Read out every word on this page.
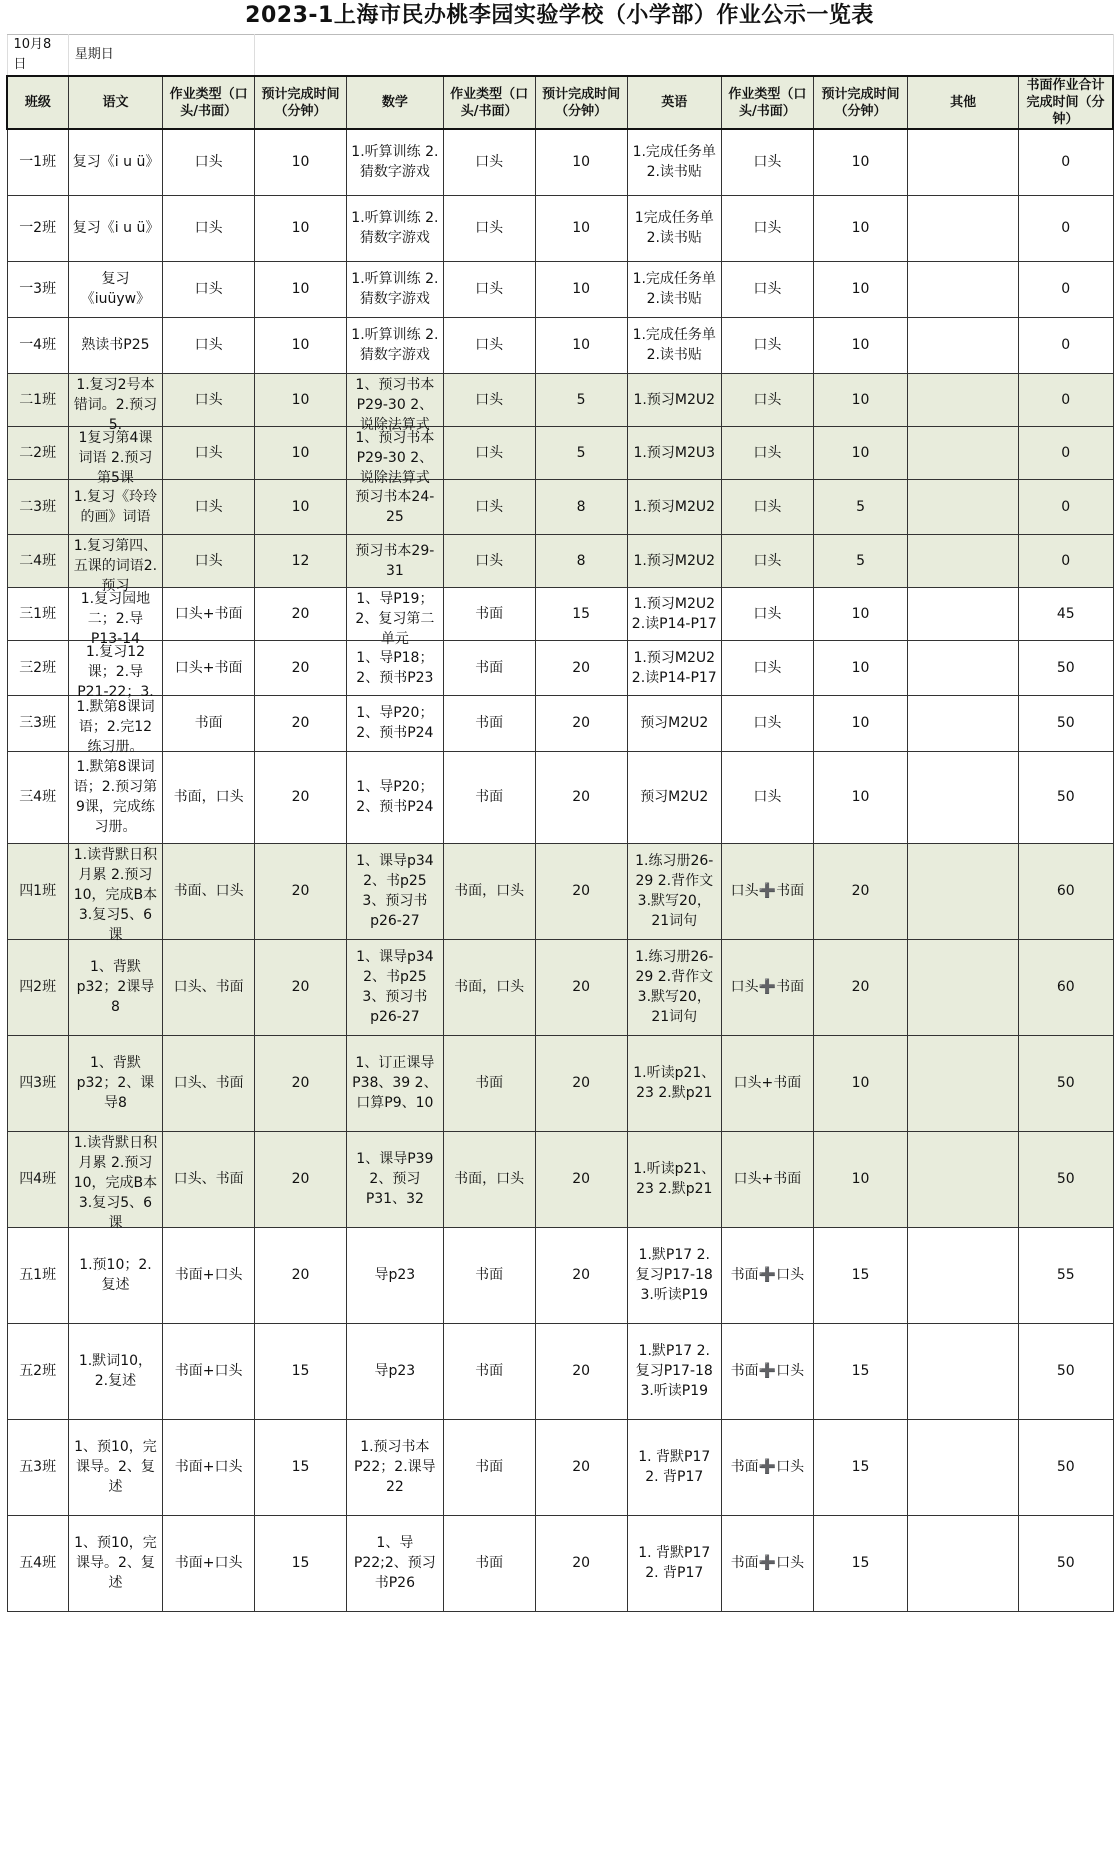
2023-1上海市民办桃李园实验学校（小学部）作业公示一览表
10月8日	星期日										
班级	语文	作业类型（口头/书面）	预计完成时间（分钟）	数学	作业类型（口头/书面）	预计完成时间（分钟）	英语	作业类型（口头/书面）	预计完成时间（分钟）	其他	书面作业合计完成时间（分钟）

一1班	复习《i u ü》	口头	10	1.听算训练 2.猜数字游戏	口头	10	1.完成任务单 2.读书贴	口头	10		0

一2班	复习《i u ü》	口头	10	1.听算训练 2.猜数字游戏	口头	10	1完成任务单 2.读书贴	口头	10		0

一3班	复习《iuüyw》	口头	10	1.听算训练 2.猜数字游戏	口头	10	1.完成任务单 2.读书贴	口头	10		0

一4班	熟读书P25	口头	10	1.听算训练 2.猜数字游戏	口头	10	1.完成任务单 2.读书贴	口头	10		0

二1班	1.复习2号本错词。2.预习5.	口头	10	1、预习书本P29-30 2、说除法算式	口头	5	1.预习M2U2	口头	10		0

二2班	1复习第4课词语 2.预习第5课	口头	10	1、预习书本P29-30 2、说除法算式	口头	5	1.预习M2U3	口头	10		0

二3班	1.复习《玲玲的画》词语	口头	10	预习书本24-25	口头	8	1.预习M2U2	口头	5		0

二4班	1.复习第四、五课的词语2.预习	口头	12	预习书本29-31	口头	8	1.预习M2U2	口头	5		0

三1班	1.复习园地二；2.导P13-14	口头+书面	20	1、导P19；2、复习第二单元	书面	15	1.预习M2U2 2.读P14-P17	口头	10		45

三2班	1.复习12课；2.导P21-22；3.	口头+书面	20	1、导P18；2、预书P23	书面	20	1.预习M2U2 2.读P14-P17	口头	10		50

三3班	1.默第8课词语；2.完12练习册。	书面	20	1、导P20；2、预书P24	书面	20	预习M2U2	口头	10		50

三4班	1.默第8课词语；2.预习第9课，完成练习册。	书面，口头	20	1、导P20；2、预书P24	书面	20	预习M2U2	口头	10		50

四1班	1.读背默日积月累 2.预习10，完成B本 3.复习5、6课	书面、口头	20	1、课导p34 2、书p25 3、预习书p26-27	书面，口头	20	1.练习册26-29 2.背作文 3.默写20，21词句	口头➕书面	20		60

四2班	1、背默p32；2课导8	口头、书面	20	1、课导p34 2、书p25 3、预习书p26-27	书面，口头	20	1.练习册26-29 2.背作文 3.默写20，21词句	口头➕书面	20		60

四3班	1、背默p32；2、课导8	口头、书面	20	1、订正课导P38、39 2、口算P9、10	书面	20	1.听读p21、23 2.默p21	口头+书面	10		50

四4班	1.读背默日积月累 2.预习10，完成B本 3.复习5、6课	口头、书面	20	1、课导P39 2、预习P31、32	书面，口头	20	1.听读p21、23 2.默p21	口头+书面	10		50

五1班	1.预10；2.复述	书面+口头	20	导p23	书面	20	1.默P17 2.复习P17-18 3.听读P19	书面➕口头	15		55

五2班	1.默词10，2.复述	书面+口头	15	导p23	书面	20	1.默P17 2.复习P17-18 3.听读P19	书面➕口头	15		50

五3班	1、预10，完课导。2、复述	书面+口头	15	1.预习书本P22；2.课导22	书面	20	1. 背默P17 2. 背P17	书面➕口头	15		50

五4班	1、预10，完课导。2、复述	书面+口头	15	1、导P22;2、预习书P26	书面	20	1. 背默P17 2. 背P17	书面➕口头	15		50
